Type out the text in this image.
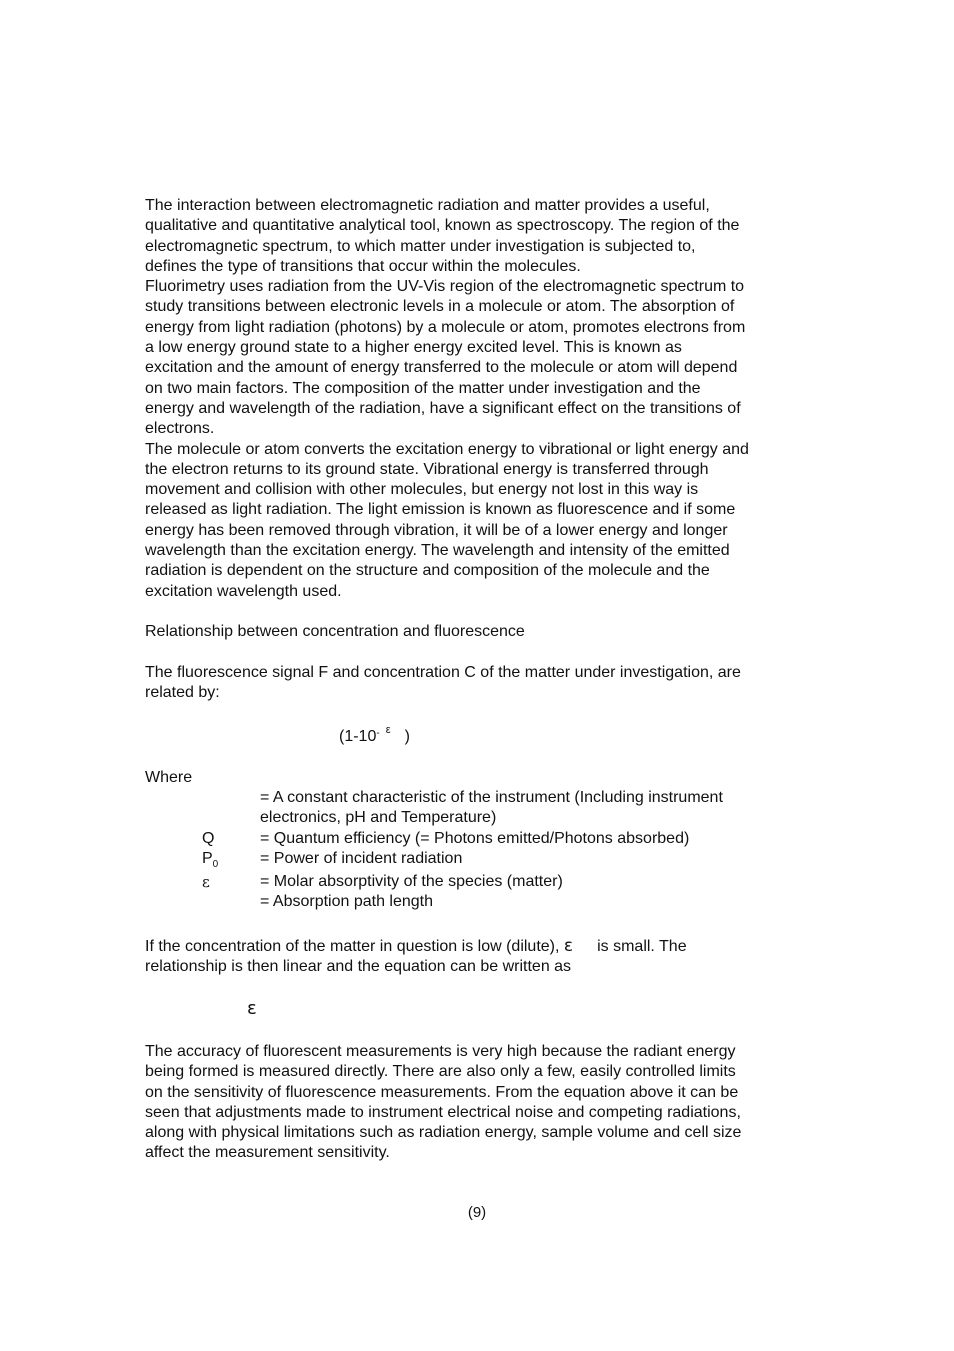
The interaction between electromagnetic radiation and matter provides a useful,
qualitative and quantitative analytical tool, known as spectroscopy. The region of the
electromagnetic spectrum, to which matter under investigation is subjected to,
defines the type of transitions that occur within the molecules.
Fluorimetry uses radiation from the UV-Vis region of the electromagnetic spectrum to
study transitions between electronic levels in a molecule or atom. The absorption of
energy from light radiation (photons) by a molecule or atom, promotes electrons from
a low energy ground state to a higher energy excited level. This is known as
excitation and the amount of energy transferred to the molecule or atom will depend
on two main factors. The composition of the matter under investigation and the
energy and wavelength of the radiation, have a significant effect on the transitions of
electrons.
The molecule or atom converts the excitation energy to vibrational or light energy and
the electron returns to its ground state. Vibrational energy is transferred through
movement and collision with other molecules, but energy not lost in this way is
released as light radiation. The light emission is known as fluorescence and if some
energy has been removed through vibration, it will be of a lower energy and longer
wavelength than the excitation energy. The wavelength and intensity of the emitted
radiation is dependent on the structure and composition of the molecule and the
excitation wavelength used.
Relationship between concentration and fluorescence
The fluorescence signal F and concentration C of the matter under investigation, are
related by:
(1-10- $^\varepsilon$ )
Where
= A constant characteristic of the instrument (Including instrument
electronics, pH and Temperature)
Q	= Quantum efficiency (= Photons emitted/Photons absorbed)
$P_0$	= Power of incident radiation
ε	= Molar absorptivity of the species (matter)
= Absorption path length
If the concentration of the matter in question is low (dilute), ε is small. The
relationship is then linear and the equation can be written as
ε
The accuracy of fluorescent measurements is very high because the radiant energy
being formed is measured directly. There are also only a few, easily controlled limits
on the sensitivity of fluorescence measurements. From the equation above it can be
seen that adjustments made to instrument electrical noise and competing radiations,
along with physical limitations such as radiation energy, sample volume and cell size
affect the measurement sensitivity.
(9)
